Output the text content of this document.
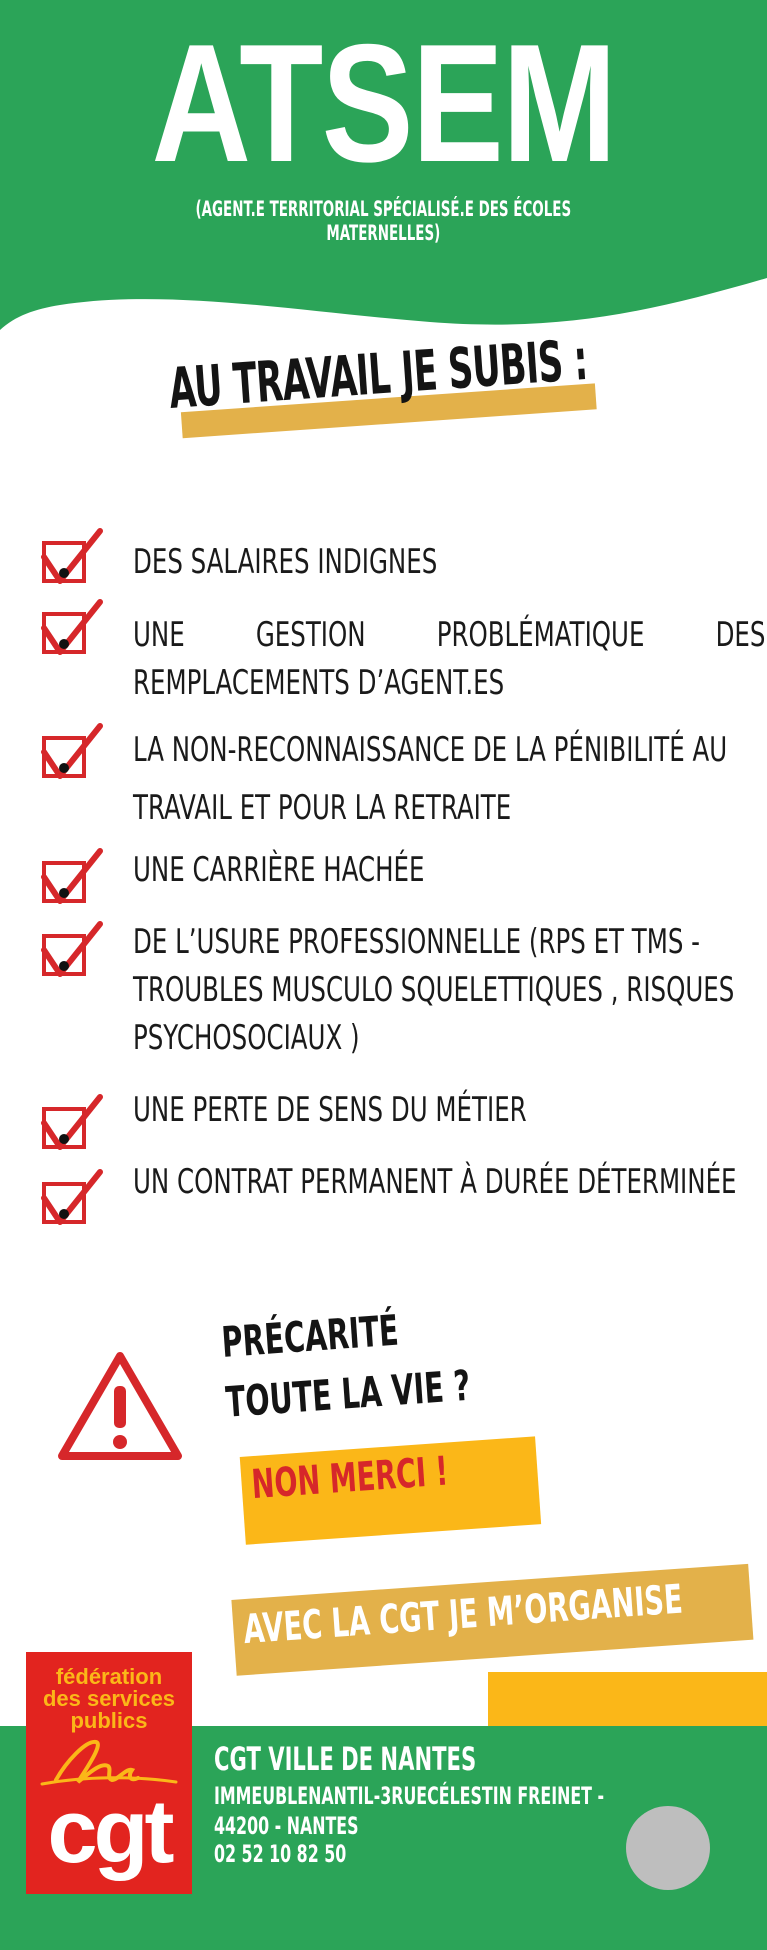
ATSEM
(AGENT.E TERRITORIAL SPÉCIALISÉ.E DES ÉCOLES MATERNELLES)
AU TRAVAIL JE SUBIS :
DES SALAIRES INDIGNES
UNE GESTION PROBLÉMATIQUE DES
REMPLACEMENTS D’AGENT.ES
LA NON-RECONNAISSANCE DE LA PÉNIBILITÉ AU
TRAVAIL ET POUR LA RETRAITE
UNE CARRIÈRE HACHÉE
DE L’USURE PROFESSIONNELLE (RPS ET TMS -
TROUBLES MUSCULO SQUELETTIQUES , RISQUES
PSYCHOSOCIAUX )
UNE PERTE DE SENS DU MÉTIER
UN CONTRAT PERMANENT À DURÉE DÉTERMINÉE
PRÉCARITÉ
TOUTE LA VIE ?
NON MERCI !
AVEC LA CGT JE M’ORGANISE
fédération
des services
publics
cgt
CGT VILLE DE NANTES
IMMEUBLENANTIL-3RUECÉLESTIN FREINET -
44200 - NANTES
02 52 10 82 50
